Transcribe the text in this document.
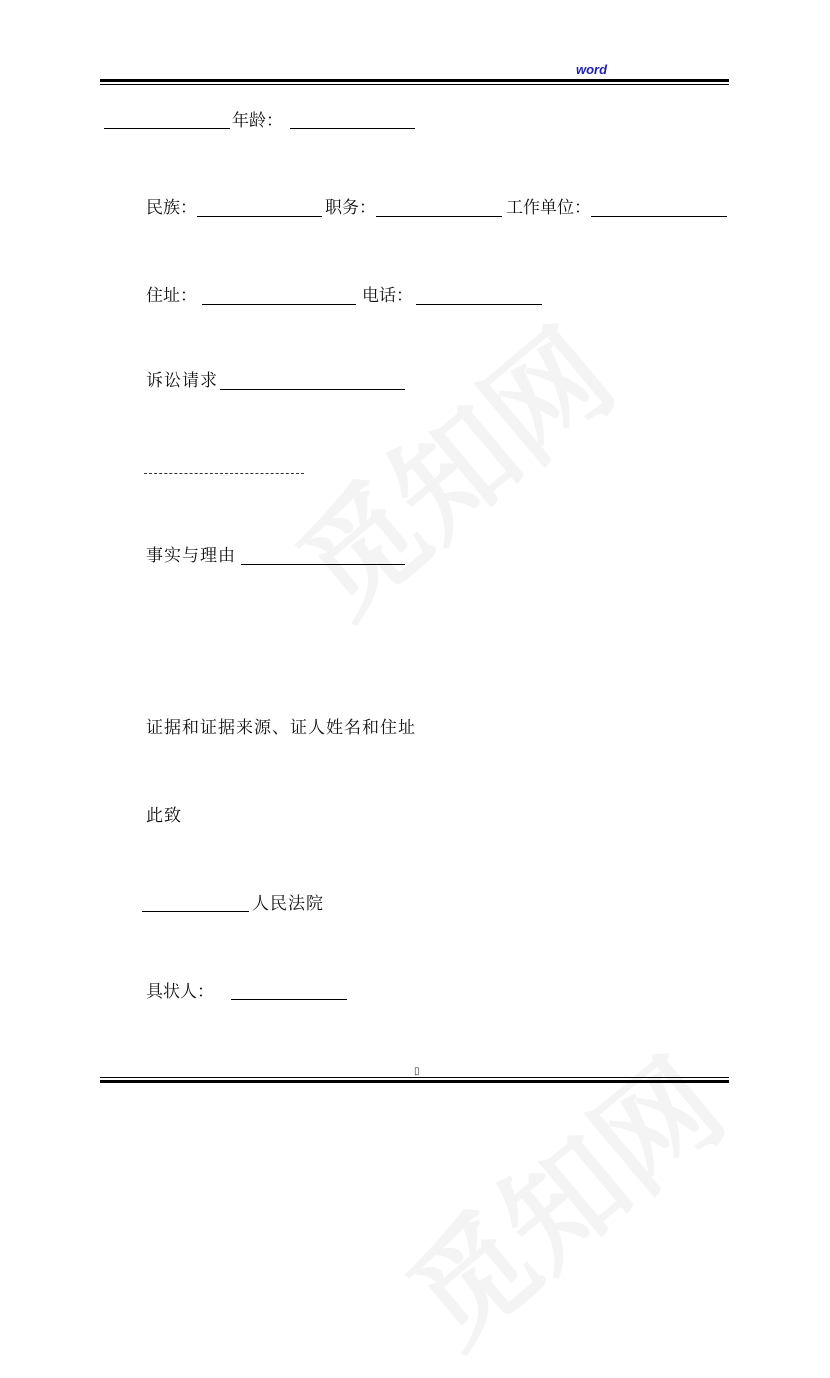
word
年龄：
民族：	职务：	工作单位：
住址：	电话：
诉讼请求
事实与理由
证据和证据来源、证人姓名和住址
此致
人民法院
具状人：
▯
